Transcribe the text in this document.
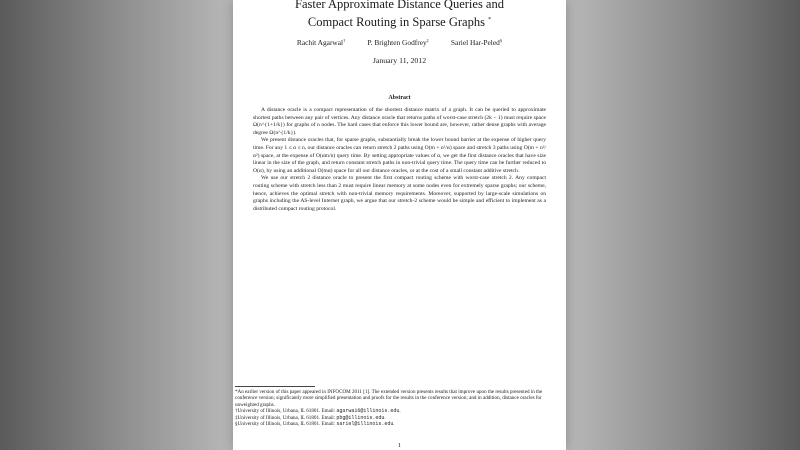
Faster Approximate Distance Queries and
Compact Routing in Sparse Graphs *
Rachit Agarwal†	P. Brighten Godfrey‡	Sariel Har-Peled§
January 11, 2012
Abstract

A distance oracle is a compact representation of the shortest distance matrix of a graph. It can be queried to approximate shortest paths between any pair of vertices. Any distance oracle that returns paths of worst-case stretch (2k − 1) must require space Ω(n^{1+1/k}) for graphs of n nodes. The hard cases that enforce this lower bound are, however, rather dense graphs with average degree Ω(n^{1/k}).

We present distance oracles that, for sparse graphs, substantially break the lower bound barrier at the expense of higher query time. For any 1 ≤ α ≤ n, our distance oracles can return stretch 2 paths using O(m + n²/α) space and stretch 3 paths using O(m + n²/α²) space, at the expense of O(αm/n) query time. By setting appropriate values of α, we get the first distance oracles that have size linear in the size of the graph, and return constant stretch paths in non-trivial query time. The query time can be further reduced to O(α), by using an additional O(mα) space for all our distance oracles, or at the cost of a small constant additive stretch.

We use our stretch 2 distance oracle to present the first compact routing scheme with worst-case stretch 2. Any compact routing scheme with stretch less than 2 must require linear memory at some nodes even for extremely sparse graphs; our scheme, hence, achieves the optimal stretch with non-trivial memory requirements. Moreover, supported by large-scale simulations on graphs including the AS-level Internet graph, we argue that our stretch-2 scheme would be simple and efficient to implement as a distributed compact routing protocol.

*An earlier version of this paper appeared in INFOCOM 2011 [1]. The extended version presents results that improve upon the results presented in the conference version; significantly more simplified presentation and proofs for the results in the conference version; and in addition, distance oracles for unweighted graphs.

†University of Illinois, Urbana, IL 61801. Email: agarwa16@illinois.edu.

‡University of Illinois, Urbana, IL 61801. Email: pbg@illinois.edu.

§University of Illinois, Urbana, IL 61801. Email: sariel@illinois.edu.

1
